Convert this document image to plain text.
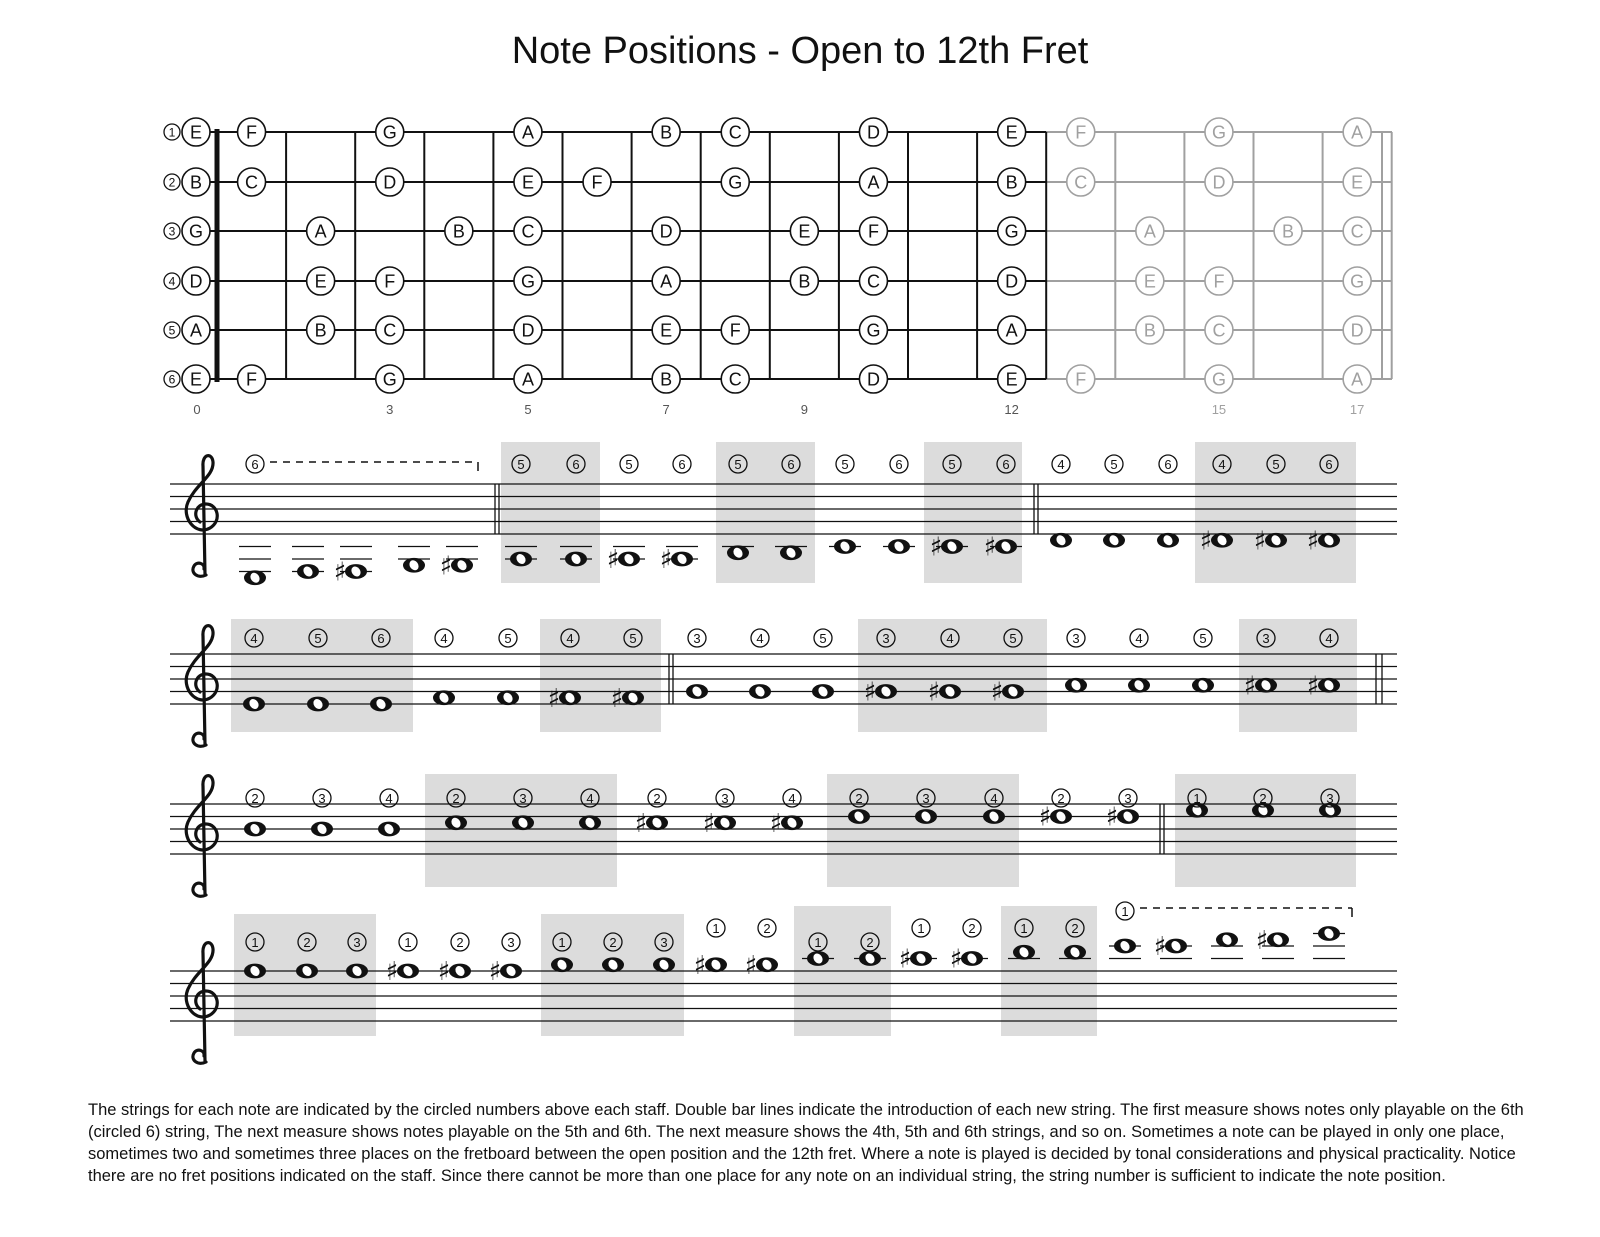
Note Positions - Open to 12th Fret
1
2
3
4
5
6
E F	G	A	B	C	D	E	F	G	A
B C	D	E	F	G	A	B	C	D	E
G	A	B	C	D	E	F	G	A	B	C
D	E	F	G	A	B	C	D	E	F	G
A	B	C	D	E	F	G	A	B	C	D
E F	G	A	B	C	D	E	F	G	A
0	3	5	7	9	12	15	17
6
♯	♯
5	6
♯
5
♯
6	5	6	5	6
♯
5
♯
6	4	5	6
♯
4
♯
5
♯
6
4	5	6	4	5
♯
4
♯
5	3	4	5
♯
3
♯
4
♯
5	3	4	5
♯
3
♯
4
2	3	4	2	3	4
♯
2
♯
3
♯
4	2	3	4
♯
2
♯
3	1	2	3
1	2	3
♯
1
♯
2
♯
3	1	2	3
♯
1
♯
2
1	2
♯
1
♯
2	1	2
1
♯	♯
The strings for each note are indicated by the circled numbers above each staff. Double bar lines indicate the introduction of each new string. The first measure shows notes only playable on the 6th (circled 6) string, The next measure shows notes playable on the 5th and 6th. The next measure shows the 4th, 5th and 6th strings, and so on. Sometimes a note can be played in only one place, sometimes two and sometimes three places on the fretboard between the open position and the 12th fret. Where a note is played is decided by tonal considerations and physical practicality. Notice there are no fret positions indicated on the staff. Since there cannot be more than one place for any note on an individual string, the string number is sufficient to indicate the note position.
